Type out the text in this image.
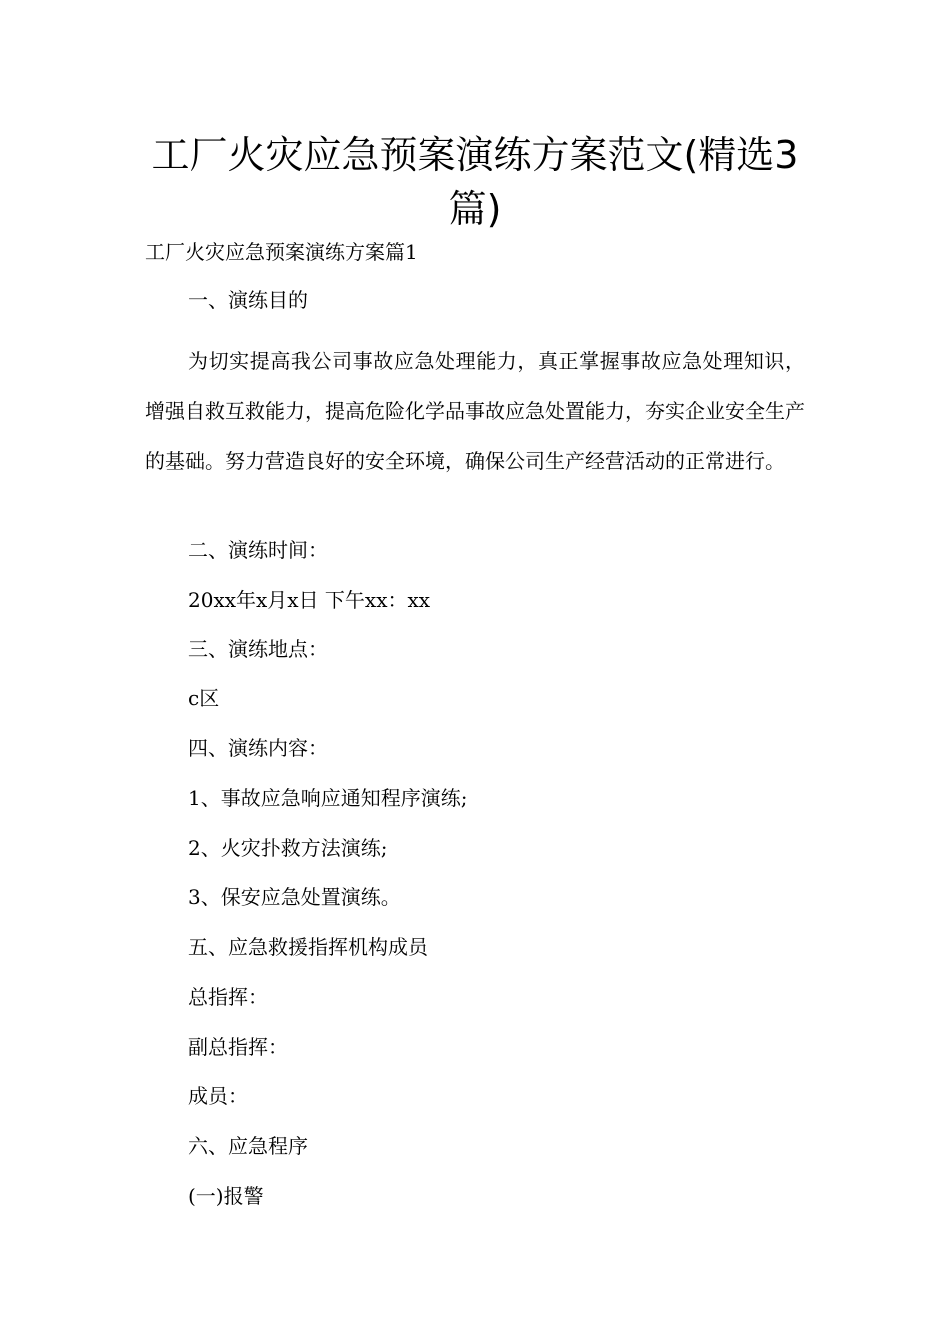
工厂火灾应急预案演练方案范文(精选3篇)

工厂火灾应急预案演练方案篇1

一、演练目的

为切实提高我公司事故应急处理能力，真正掌握事故应急处理知识，增强自救互救能力，提高危险化学品事故应急处置能力，夯实企业安全生产的基础。努力营造良好的安全环境，确保公司生产经营活动的正常进行。

二、演练时间：

20xx年x月x日 下午xx：xx

三、演练地点：

c区

四、演练内容：

1、事故应急响应通知程序演练;

2、火灾扑救方法演练;

3、保安应急处置演练。

五、应急救援指挥机构成员

总指挥：

副总指挥：

成员：

六、应急程序

(一)报警
